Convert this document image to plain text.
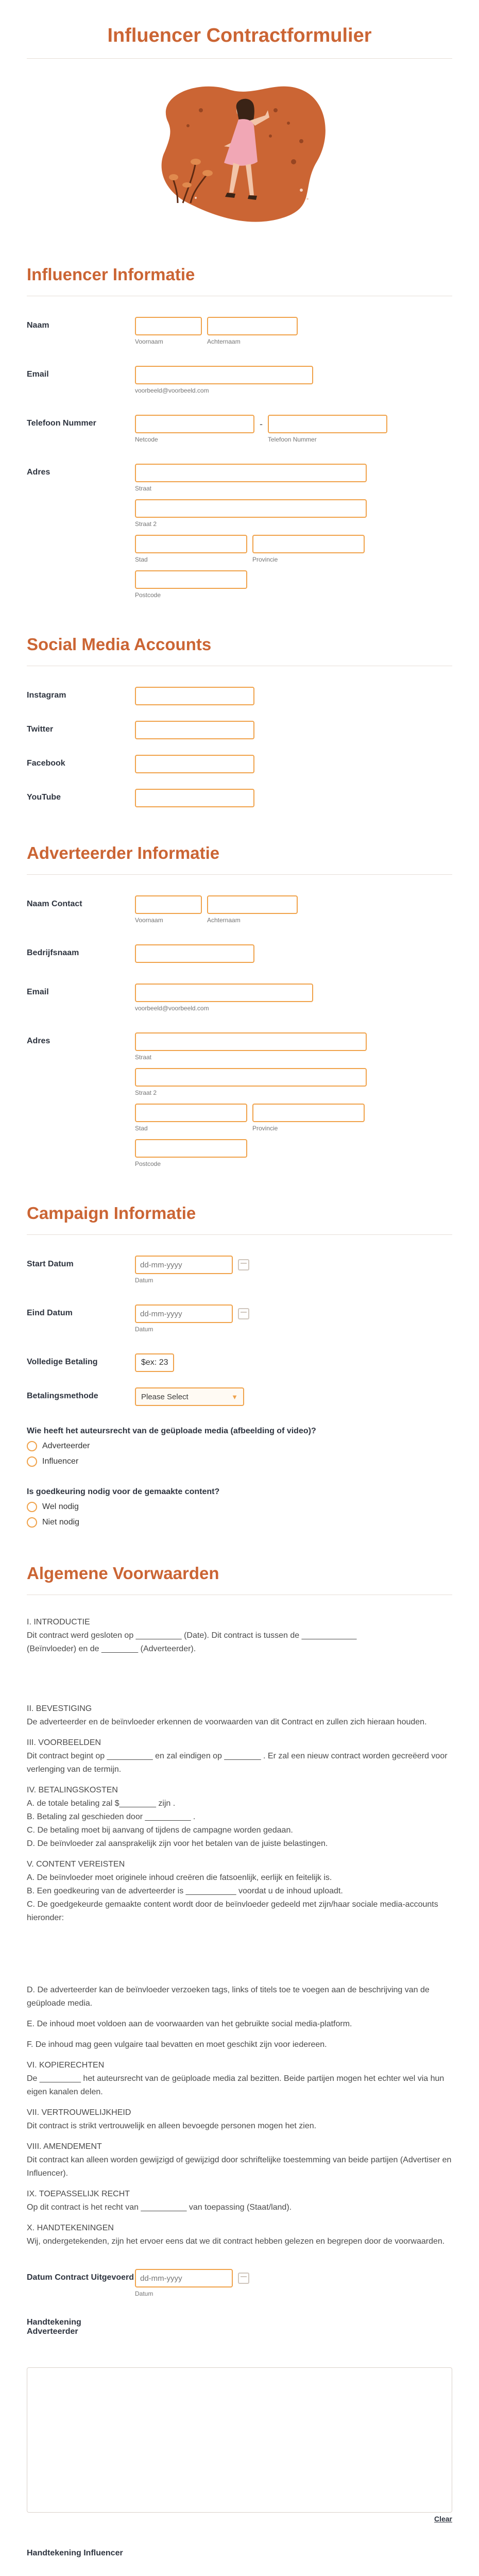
Influencer Contractformulier
Influencer Informatie
Naam
Voornaam	Achternaam
Email
voorbeeld@voorbeeld.com
Telefoon Nummer
Netcode
-
Telefoon Nummer
Adres
Straat
Straat 2
Stad	Provincie
Postcode
Social Media Accounts
Instagram
Twitter
Facebook
YouTube
Adverteerder Informatie
Naam Contact
Voornaam	Achternaam
Bedrijfsnaam
Email
voorbeeld@voorbeeld.com
Adres
Straat
Straat 2
Stad	Provincie
Postcode
Campaign Informatie
Start Datum
dd-mm-yyyy
Datum
Eind Datum
dd-mm-yyyy
Datum
Volledige Betaling	$ex: 23
Betalingsmethode	Please Select	▼
Wie heeft het auteursrecht van de geüploade media (afbeelding of video)?
Adverteerder
Influencer
Is goedkeuring nodig voor de gemaakte content?
Wel nodig
Niet nodig
Algemene Voorwaarden

I. INTRODUCTIE

Dit contract werd gesloten op __________ (Date). Dit contract is tussen de ____________

(Beïnvloeder) en de ________ (Adverteerder).

II. BEVESTIGING

De adverteerder en de beïnvloeder erkennen de voorwaarden van dit Contract en zullen zich hieraan houden.

III. VOORBEELDEN

Dit contract begint op __________ en zal eindigen op ________ . Er zal een nieuw contract worden gecreëerd voor verlenging van de termijn.

IV. BETALINGSKOSTEN

A. de totale betaling zal $________ zijn .

B. Betaling zal geschieden door __________ .

C. De betaling moet bij aanvang of tijdens de campagne worden gedaan.

D. De beïnvloeder zal aansprakelijk zijn voor het betalen van de juiste belastingen.

V. CONTENT VEREISTEN

A. De beïnvloeder moet originele inhoud creëren die fatsoenlijk, eerlijk en feitelijk is.

B. Een goedkeuring van de adverteerder is ___________ voordat u de inhoud uploadt.

C. De goedgekeurde gemaakte content wordt door de beïnvloeder gedeeld met zijn/haar sociale media-accounts hieronder:

D. De adverteerder kan de beïnvloeder verzoeken tags, links of titels toe te voegen aan de beschrijving van de geüploade media.

E. De inhoud moet voldoen aan de voorwaarden van het gebruikte social media-platform.

F. De inhoud mag geen vulgaire taal bevatten en moet geschikt zijn voor iedereen.

VI. KOPIERECHTEN

De _________ het auteursrecht van de geüploade media zal bezitten. Beide partijen mogen het echter wel via hun eigen kanalen delen.

VII. VERTROUWELIJKHEID

Dit contract is strikt vertrouwelijk en alleen bevoegde personen mogen het zien.

VIII. AMENDEMENT

Dit contract kan alleen worden gewijzigd of gewijzigd door schriftelijke toestemming van beide partijen (Advertiser en Influencer).

IX. TOEPASSELIJK RECHT

Op dit contract is het recht van __________ van toepassing (Staat/land).

X. HANDTEKENINGEN

Wij, ondergetekenden, zijn het ervoer eens dat we dit contract hebben gelezen en begrepen door de voorwaarden.

Datum Contract Uitgevoerd
dd-mm-yyyy
Datum
Handtekening Adverteerder
Clear
Handtekening Influencer
